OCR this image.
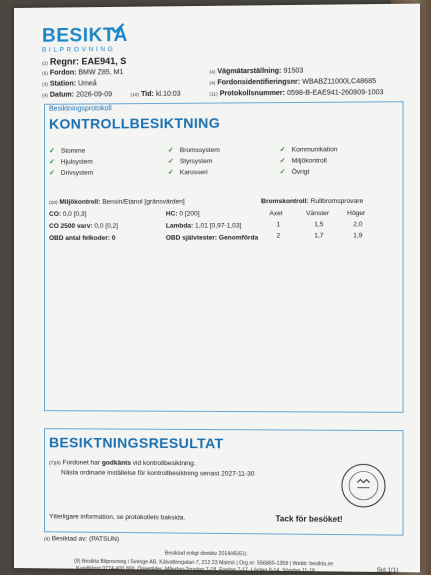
BESIKTA
BILPROVNING
(2) Regnr: EAE941, S
(5) Fordon: BMW Z85, M1
(3) Station: Umeå
(4) Datum: 2026-09-09	(10) Tid: kl.10:03
(4) Vägmätarställning: 91503
(4) Fordonsidentifieringsnr: WBABZ11000LC48685
(11) Protokollsnummer: 0598-B-EAE941-260909-1003
Besiktningsprotokoll
KONTROLLBESIKTNING
✓ Stomme	✓ Bromssystem	✓ Kommunikation
✓ Hjulsystem	✓ Styrsystem	✓ Miljökontroll
✓ Drivsystem	✓ Karosseri	✓ Övrigt
(10) Miljökontroll: Bensin/Etanol [gränsvärden]
CO: 0,0 [0,3]	HC: 0 [200]
CO 2500 varv: 0,0 [0,2]	Lambda: 1,01 [0,97-1,03]
OBD antal felkoder: 0	OBD självtester: Genomförda
Bromskontroll: Rullbromsprovare
Axel	Vänster	Höger
1	1,5	2,0
2	1,7	1,9
BESIKTNINGSRESULTAT
(7)(8) Fordonet har godkänts vid kontrollbesiktning.
Nästa ordinarie inställelse för kontrollbesiktning senast 2027-11-30
Ytterligare information, se protokollets baksida.	Tack för besöket!
(9) Besiktad av: (PATSUN)
Besiktad enligt direktiv 2014/45/EU.
(9) Besikta Bilprovning i Sverige AB, Kälvattengatan 7, 212 23 Malmö | Org.nr: 556865-1359 | Webb: besikta.se
Kundtjänst 0774-400 800, Öppettider: Måndag-Torsdag 7-18, Fredag 7-17, Lördag 8-14, Söndag 11-16	Sid.1(1)
